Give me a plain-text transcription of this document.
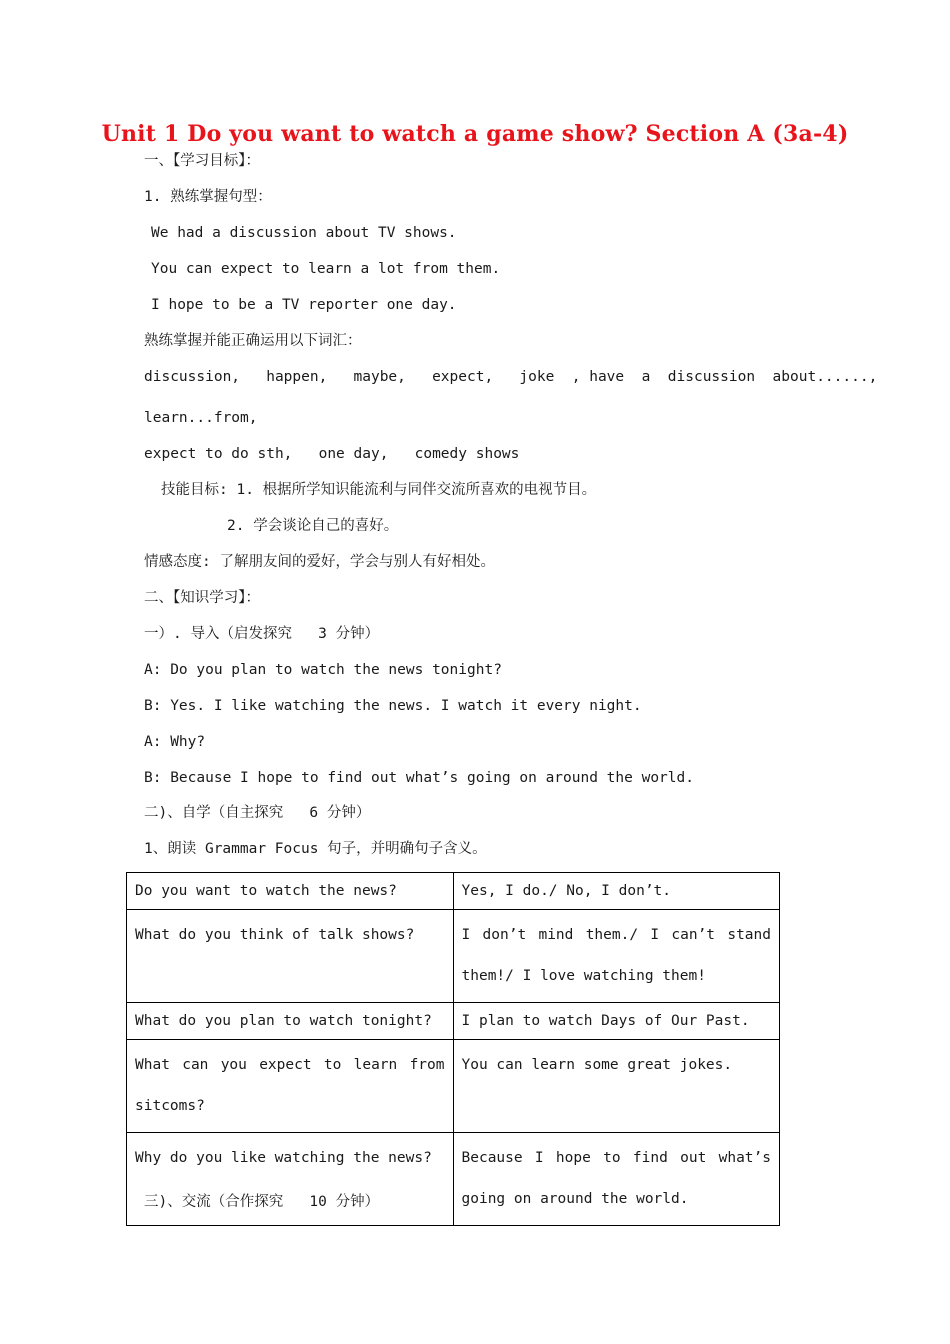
Unit 1 Do you want to watch a game show? Section A (3a-4)
一、【学习目标】：
1. 熟练掌握句型：
We had a discussion about TV shows.
You can expect to learn a lot from them.
I hope to be a TV reporter one day.
熟练掌握并能正确运用以下词汇：
discussion,   happen,   maybe,   expect,   joke  , have  a  discussion  about......,
learn...from,
expect to do sth,   one day,   comedy shows
技能目标: 1. 根据所学知识能流利与同伴交流所喜欢的电视节目。
2. 学会谈论自己的喜好。
情感态度: 了解朋友间的爱好，学会与别人有好相处。
二、【知识学习】：
一）. 导入（启发探究   3 分钟）
A: Do you plan to watch the news tonight?
B: Yes. I like watching the news. I watch it every night.
A: Why?
B: Because I hope to find out what’s going on around the world.
二)、自学（自主探究   6 分钟）
1、朗读 Grammar Focus 句子，并明确句子含义。
Do you want to watch the news?	Yes, I do./ No, I don’t.
What do you think of talk shows?	I don’t mind them./ I can’t stand them!/ I love watching them!
What do you plan to watch tonight?	I plan to watch Days of Our Past.
What can you expect to learn from sitcoms?	You can learn some great jokes.
Why do you like watching the news?	Because I hope to find out what’s going on around the world.
三)、交流（合作探究   10 分钟）
